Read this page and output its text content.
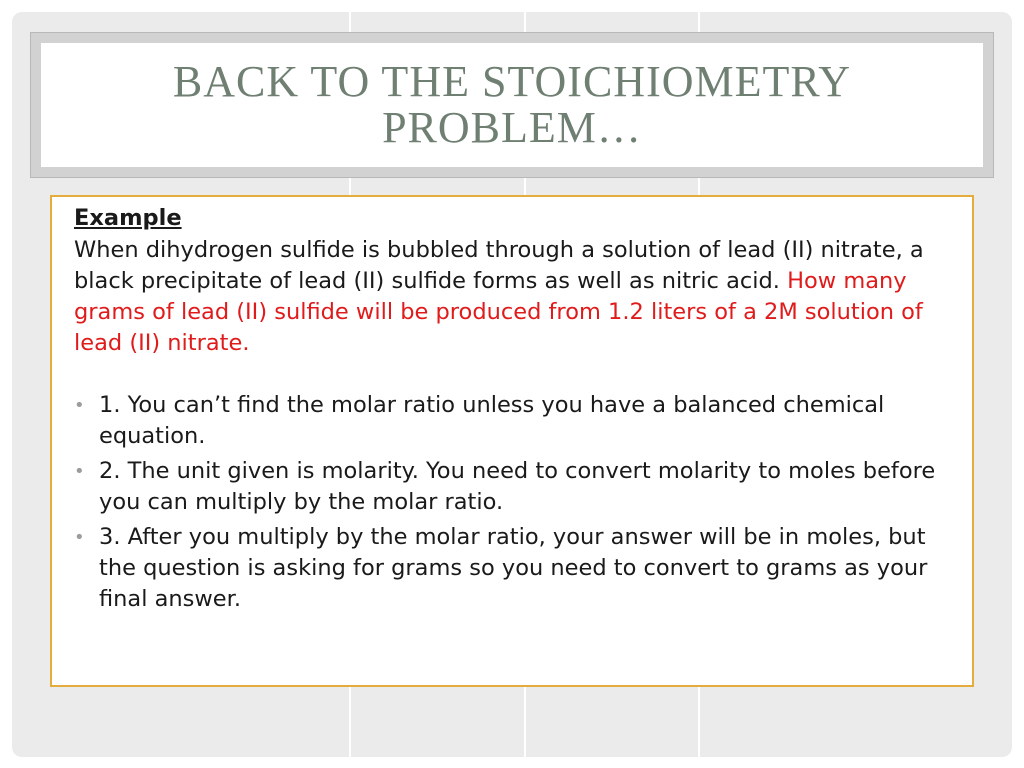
BACK TO THE STOICHIOMETRY
PROBLEM…
Example

When dihydrogen sulfide is bubbled through a solution of lead (II) nitrate, a black precipitate of lead (II) sulfide forms as well as nitric acid. How many grams of lead (II) sulfide will be produced from 1.2 liters of a 2M solution of lead (II) nitrate.

• 1. You can’t find the molar ratio unless you have a balanced chemical equation.
• 2. The unit given is molarity. You need to convert molarity to moles before you can multiply by the molar ratio.
• 3. After you multiply by the molar ratio, your answer will be in moles, but the question is asking for grams so you need to convert to grams as your final answer.
